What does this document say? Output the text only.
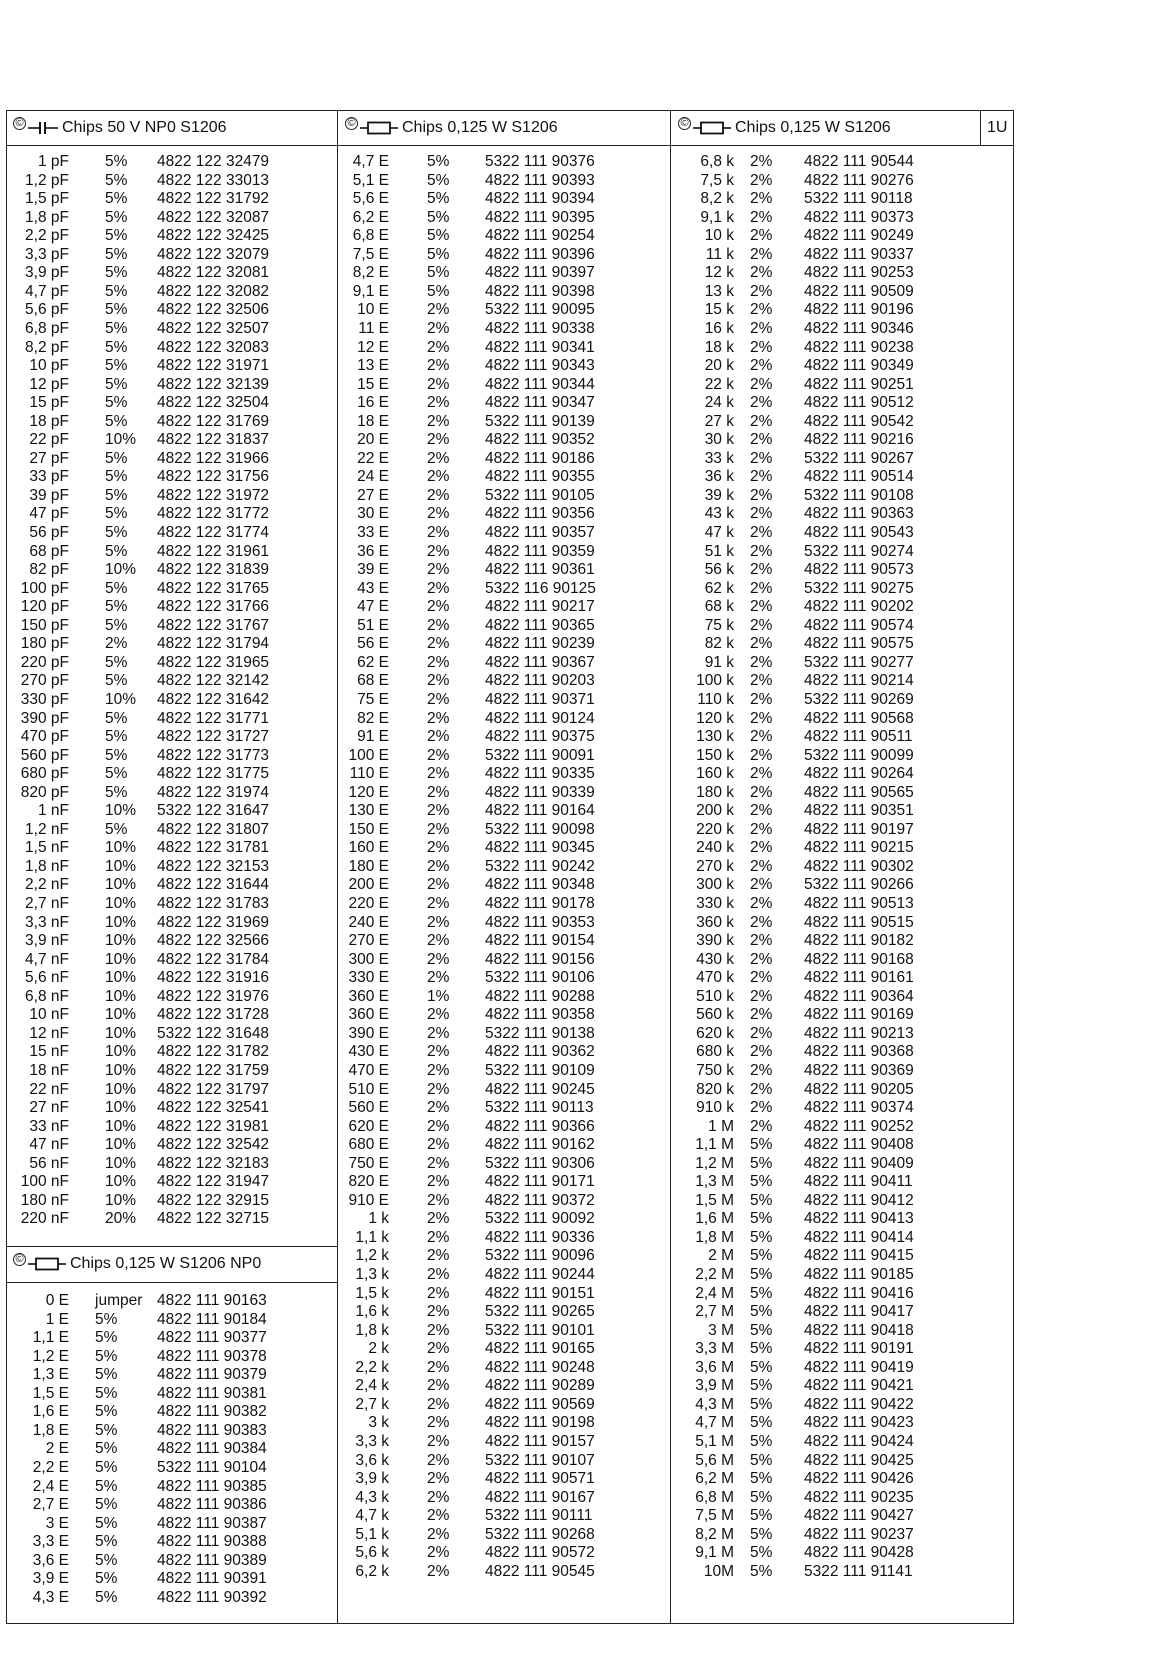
© Chips 50 V NP0 S1206	©	Chips 0,125 W S1206	©	Chips 0,125 W S1206	1U
©	Chips 0,125 W S1206 NP0
1 pF 5% 4822 122 32479
1,2 pF 5% 4822 122 33013
1,5 pF 5% 4822 122 31792
1,8 pF 5% 4822 122 32087
2,2 pF 5% 4822 122 32425
3,3 pF 5% 4822 122 32079
3,9 pF 5% 4822 122 32081
4,7 pF 5% 4822 122 32082
5,6 pF 5% 4822 122 32506
6,8 pF 5% 4822 122 32507
8,2 pF 5% 4822 122 32083
10 pF 5% 4822 122 31971
12 pF 5% 4822 122 32139
15 pF 5% 4822 122 32504
18 pF 5% 4822 122 31769
22 pF 10% 4822 122 31837
27 pF 5% 4822 122 31966
33 pF 5% 4822 122 31756
39 pF 5% 4822 122 31972
47 pF 5% 4822 122 31772
56 pF 5% 4822 122 31774
68 pF 5% 4822 122 31961
82 pF 10% 4822 122 31839
100 pF 5% 4822 122 31765
120 pF 5% 4822 122 31766
150 pF 5% 4822 122 31767
180 pF 2% 4822 122 31794
220 pF 5% 4822 122 31965
270 pF 5% 4822 122 32142
330 pF 10% 4822 122 31642
390 pF 5% 4822 122 31771
470 pF 5% 4822 122 31727
560 pF 5% 4822 122 31773
680 pF 5% 4822 122 31775
820 pF 5% 4822 122 31974
1 nF 10% 5322 122 31647
1,2 nF 5% 4822 122 31807
1,5 nF 10% 4822 122 31781
1,8 nF 10% 4822 122 32153
2,2 nF 10% 4822 122 31644
2,7 nF 10% 4822 122 31783
3,3 nF 10% 4822 122 31969
3,9 nF 10% 4822 122 32566
4,7 nF 10% 4822 122 31784
5,6 nF 10% 4822 122 31916
6,8 nF 10% 4822 122 31976
10 nF 10% 4822 122 31728
12 nF 10% 5322 122 31648
15 nF 10% 4822 122 31782
18 nF 10% 4822 122 31759
22 nF 10% 4822 122 31797
27 nF 10% 4822 122 32541
33 nF 10% 4822 122 31981
47 nF 10% 4822 122 32542
56 nF 10% 4822 122 32183
100 nF 10% 4822 122 31947
180 nF 10% 4822 122 32915
220 nF 20% 4822 122 32715
0 E jumper 4822 111 90163
1 E 5%	4822 111 90184
1,1 E 5%	4822 111 90377
1,2 E 5%	4822 111 90378
1,3 E 5%	4822 111 90379
1,5 E 5%	4822 111 90381
1,6 E 5%	4822 111 90382
1,8 E 5%	4822 111 90383
2 E 5%	4822 111 90384
2,2 E 5%	5322 111 90104
2,4 E 5%	4822 111 90385
2,7 E 5%	4822 111 90386
3 E 5%	4822 111 90387
3,3 E 5%	4822 111 90388
3,6 E 5%	4822 111 90389
3,9 E 5%	4822 111 90391
4,3 E 5%	4822 111 90392
4,7 E 5% 5322 111 90376
5,1 E 5% 4822 111 90393
5,6 E 5% 4822 111 90394
6,2 E 5% 4822 111 90395
6,8 E 5% 4822 111 90254
7,5 E 5% 4822 111 90396
8,2 E 5% 4822 111 90397
9,1 E 5% 4822 111 90398
10 E 2% 5322 111 90095
11 E 2% 4822 111 90338
12 E 2% 4822 111 90341
13 E 2% 4822 111 90343
15 E 2% 4822 111 90344
16 E 2% 4822 111 90347
18 E 2% 5322 111 90139
20 E 2% 4822 111 90352
22 E 2% 4822 111 90186
24 E 2% 4822 111 90355
27 E 2% 5322 111 90105
30 E 2% 4822 111 90356
33 E 2% 4822 111 90357
36 E 2% 4822 111 90359
39 E 2% 4822 111 90361
43 E 2% 5322 116 90125
47 E 2% 4822 111 90217
51 E 2% 4822 111 90365
56 E 2% 4822 111 90239
62 E 2% 4822 111 90367
68 E 2% 4822 111 90203
75 E 2% 4822 111 90371
82 E 2% 4822 111 90124
91 E 2% 4822 111 90375
100 E 2% 5322 111 90091
110 E 2% 4822 111 90335
120 E 2% 4822 111 90339
130 E 2% 4822 111 90164
150 E 2% 5322 111 90098
160 E 2% 4822 111 90345
180 E 2% 5322 111 90242
200 E 2% 4822 111 90348
220 E 2% 4822 111 90178
240 E 2% 4822 111 90353
270 E 2% 4822 111 90154
300 E 2% 4822 111 90156
330 E 2% 5322 111 90106
360 E 1% 4822 111 90288
360 E 2% 4822 111 90358
390 E 2% 5322 111 90138
430 E 2% 4822 111 90362
470 E 2% 5322 111 90109
510 E 2% 4822 111 90245
560 E 2% 5322 111 90113
620 E 2% 4822 111 90366
680 E 2% 4822 111 90162
750 E 2% 5322 111 90306
820 E 2% 4822 111 90171
910 E 2% 4822 111 90372
1 k 2% 5322 111 90092
1,1 k 2% 4822 111 90336
1,2 k 2% 5322 111 90096
1,3 k 2% 4822 111 90244
1,5 k 2% 4822 111 90151
1,6 k 2% 5322 111 90265
1,8 k 2% 5322 111 90101
2 k 2% 4822 111 90165
2,2 k 2% 4822 111 90248
2,4 k 2% 4822 111 90289
2,7 k 2% 4822 111 90569
3 k 2% 4822 111 90198
3,3 k 2% 4822 111 90157
3,6 k 2% 5322 111 90107
3,9 k 2% 4822 111 90571
4,3 k 2% 4822 111 90167
4,7 k 2% 5322 111 90111
5,1 k 2% 5322 111 90268
5,6 k 2% 4822 111 90572
6,2 k 2% 4822 111 90545
6,8 k 2% 4822 111 90544
7,5 k 2% 4822 111 90276
8,2 k 2% 5322 111 90118
9,1 k 2% 4822 111 90373
10 k 2% 4822 111 90249
11 k 2% 4822 111 90337
12 k 2% 4822 111 90253
13 k 2% 4822 111 90509
15 k 2% 4822 111 90196
16 k 2% 4822 111 90346
18 k 2% 4822 111 90238
20 k 2% 4822 111 90349
22 k 2% 4822 111 90251
24 k 2% 4822 111 90512
27 k 2% 4822 111 90542
30 k 2% 4822 111 90216
33 k 2% 5322 111 90267
36 k 2% 4822 111 90514
39 k 2% 5322 111 90108
43 k 2% 4822 111 90363
47 k 2% 4822 111 90543
51 k 2% 5322 111 90274
56 k 2% 4822 111 90573
62 k 2% 5322 111 90275
68 k 2% 4822 111 90202
75 k 2% 4822 111 90574
82 k 2% 4822 111 90575
91 k 2% 5322 111 90277
100 k 2% 4822 111 90214
110 k 2% 5322 111 90269
120 k 2% 4822 111 90568
130 k 2% 4822 111 90511
150 k 2% 5322 111 90099
160 k 2% 4822 111 90264
180 k 2% 4822 111 90565
200 k 2% 4822 111 90351
220 k 2% 4822 111 90197
240 k 2% 4822 111 90215
270 k 2% 4822 111 90302
300 k 2% 5322 111 90266
330 k 2% 4822 111 90513
360 k 2% 4822 111 90515
390 k 2% 4822 111 90182
430 k 2% 4822 111 90168
470 k 2% 4822 111 90161
510 k 2% 4822 111 90364
560 k 2% 4822 111 90169
620 k 2% 4822 111 90213
680 k 2% 4822 111 90368
750 k 2% 4822 111 90369
820 k 2% 4822 111 90205
910 k 2% 4822 111 90374
1 M 2% 4822 111 90252
1,1 M 5% 4822 111 90408
1,2 M 5% 4822 111 90409
1,3 M 5% 4822 111 90411
1,5 M 5% 4822 111 90412
1,6 M 5% 4822 111 90413
1,8 M 5% 4822 111 90414
2 M 5% 4822 111 90415
2,2 M 5% 4822 111 90185
2,4 M 5% 4822 111 90416
2,7 M 5% 4822 111 90417
3 M 5% 4822 111 90418
3,3 M 5% 4822 111 90191
3,6 M 5% 4822 111 90419
3,9 M 5% 4822 111 90421
4,3 M 5% 4822 111 90422
4,7 M 5% 4822 111 90423
5,1 M 5% 4822 111 90424
5,6 M 5% 4822 111 90425
6,2 M 5% 4822 111 90426
6,8 M 5% 4822 111 90235
7,5 M 5% 4822 111 90427
8,2 M 5% 4822 111 90237
9,1 M 5% 4822 111 90428
10M 5% 5322 111 91141
